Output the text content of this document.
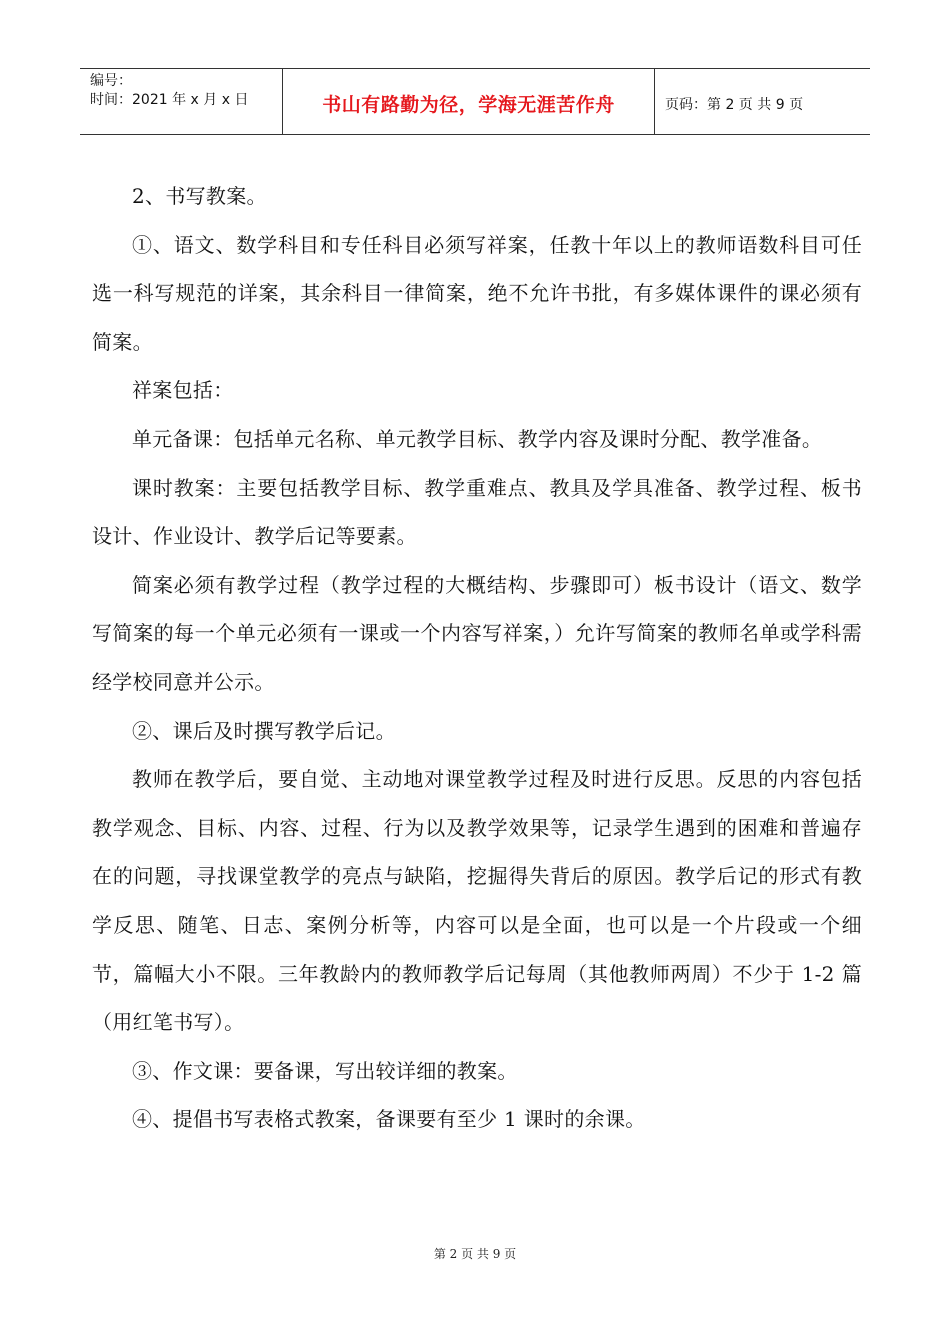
编号：
时间：2021 年 x 月 x 日	书山有路勤为径，学海无涯苦作舟	页码：第 2 页 共 9 页

2、书写教案。

①、语文、数学科目和专任科目必须写祥案，任教十年以上的教师语数科目可任选一科写规范的详案，其余科目一律简案，绝不允许书批，有多媒体课件的课必须有简案。

祥案包括：

单元备课：包括单元名称、单元教学目标、教学内容及课时分配、教学准备。

课时教案：主要包括教学目标、教学重难点、教具及学具准备、教学过程、板书设计、作业设计、教学后记等要素。

简案必须有教学过程（教学过程的大概结构、步骤即可）板书设计（语文、数学写简案的每一个单元必须有一课或一个内容写祥案，）允许写简案的教师名单或学科需经学校同意并公示。

②、课后及时撰写教学后记。

教师在教学后，要自觉、主动地对课堂教学过程及时进行反思。反思的内容包括教学观念、目标、内容、过程、行为以及教学效果等，记录学生遇到的困难和普遍存在的问题，寻找课堂教学的亮点与缺陷，挖掘得失背后的原因。教学后记的形式有教学反思、随笔、日志、案例分析等，内容可以是全面，也可以是一个片段或一个细节，篇幅大小不限。三年教龄内的教师教学后记每周（其他教师两周）不少于 1-2 篇（用红笔书写）。

③、作文课：要备课，写出较详细的教案。

④、提倡书写表格式教案，备课要有至少 1 课时的余课。

第 2 页 共 9 页
